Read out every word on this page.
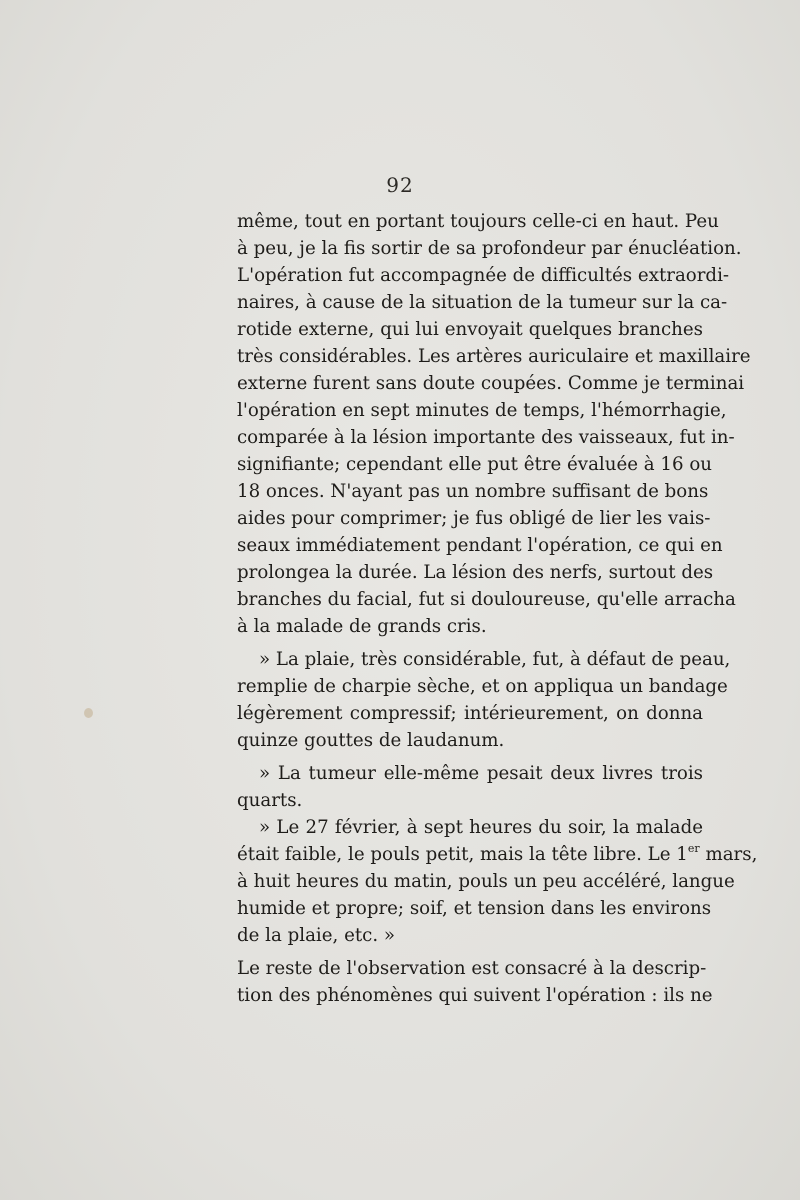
92
même, tout en portant toujours celle-ci en haut. Peu
à peu, je la fis sortir de sa profondeur par énucléation.
L'opération fut accompagnée de difficultés extraordi-
naires, à cause de la situation de la tumeur sur la ca-
rotide externe, qui lui envoyait quelques branches
très considérables. Les artères auriculaire et maxillaire
externe furent sans doute coupées. Comme je terminai
l'opération en sept minutes de temps, l'hémorrhagie,
comparée à la lésion importante des vaisseaux, fut in-
signifiante; cependant elle put être évaluée à 16 ou
18 onces. N'ayant pas un nombre suffisant de bons
aides pour comprimer; je fus obligé de lier les vais-
seaux immédiatement pendant l'opération, ce qui en
prolongea la durée. La lésion des nerfs, surtout des
branches du facial, fut si douloureuse, qu'elle arracha
à la malade de grands cris.
» La plaie, très considérable, fut, à défaut de peau,
remplie de charpie sèche, et on appliqua un bandage
légèrement compressif; intérieurement, on donna
quinze gouttes de laudanum.
» La tumeur elle-même pesait deux livres trois
quarts.
» Le 27 février, à sept heures du soir, la malade
était faible, le pouls petit, mais la tête libre. Le 1er mars,
à huit heures du matin, pouls un peu accéléré, langue
humide et propre; soif, et tension dans les environs
de la plaie, etc. »
Le reste de l'observation est consacré à la descrip-
tion des phénomènes qui suivent l'opération : ils ne
